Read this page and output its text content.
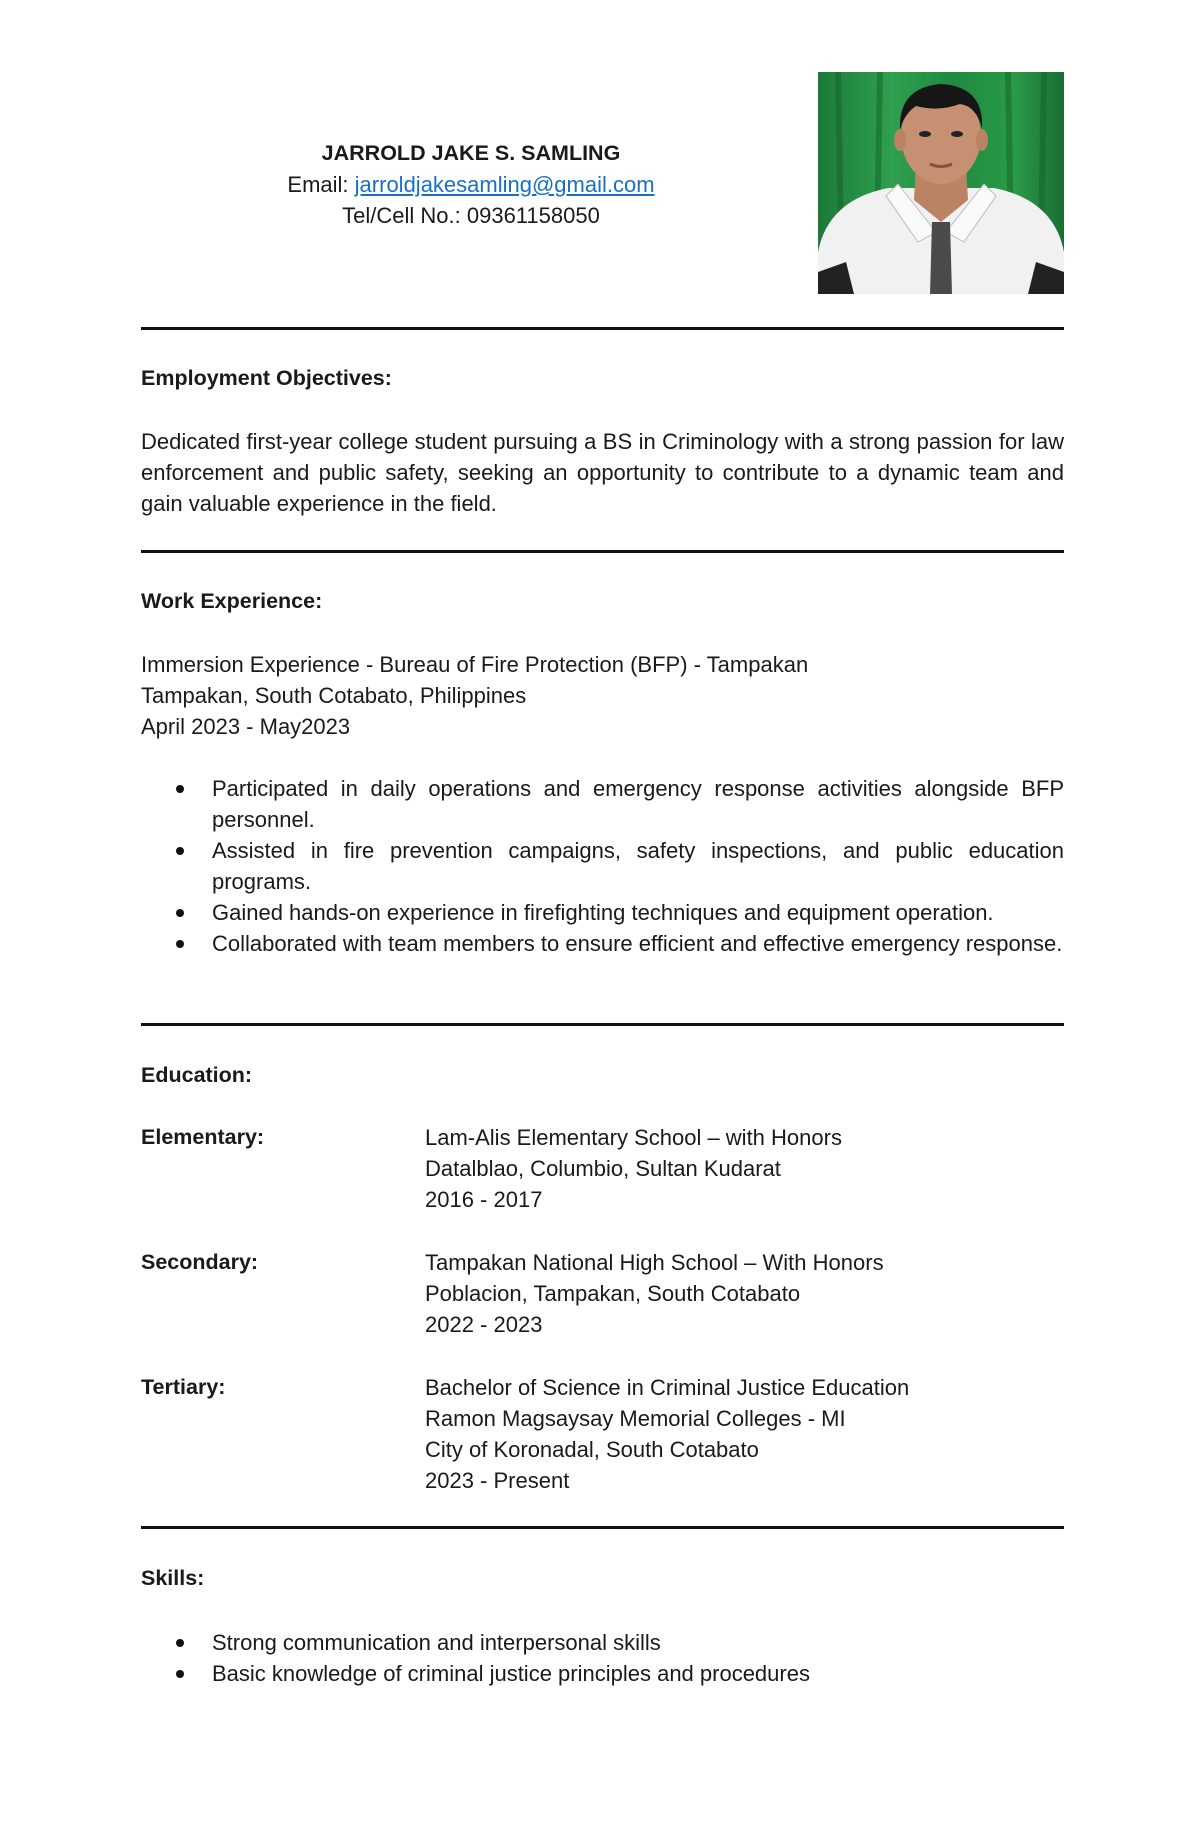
JARROLD JAKE S. SAMLING
Email: jarroldjakesamling@gmail.com
Tel/Cell No.: 09361158050
Employment Objectives:
Dedicated first-year college student pursuing a BS in Criminology with a strong passion for law enforcement and public safety, seeking an opportunity to contribute to a dynamic team and gain valuable experience in the field.
Work Experience:
Immersion Experience - Bureau of Fire Protection (BFP) - Tampakan
Tampakan, South Cotabato, Philippines
April 2023 - May2023
Participated in daily operations and emergency response activities alongside BFP personnel.
Assisted in fire prevention campaigns, safety inspections, and public education programs.
Gained hands-on experience in firefighting techniques and equipment operation.
Collaborated with team members to ensure efficient and effective emergency response.
Education:
Elementary:	Lam-Alis Elementary School – with Honors
Datalblao, Columbio, Sultan Kudarat
2016 - 2017
Secondary:	Tampakan National High School – With Honors
Poblacion, Tampakan, South Cotabato
2022 - 2023
Tertiary:	Bachelor of Science in Criminal Justice Education
Ramon Magsaysay Memorial Colleges - MI
City of Koronadal, South Cotabato
2023 - Present
Skills:
Strong communication and interpersonal skills
Basic knowledge of criminal justice principles and procedures
